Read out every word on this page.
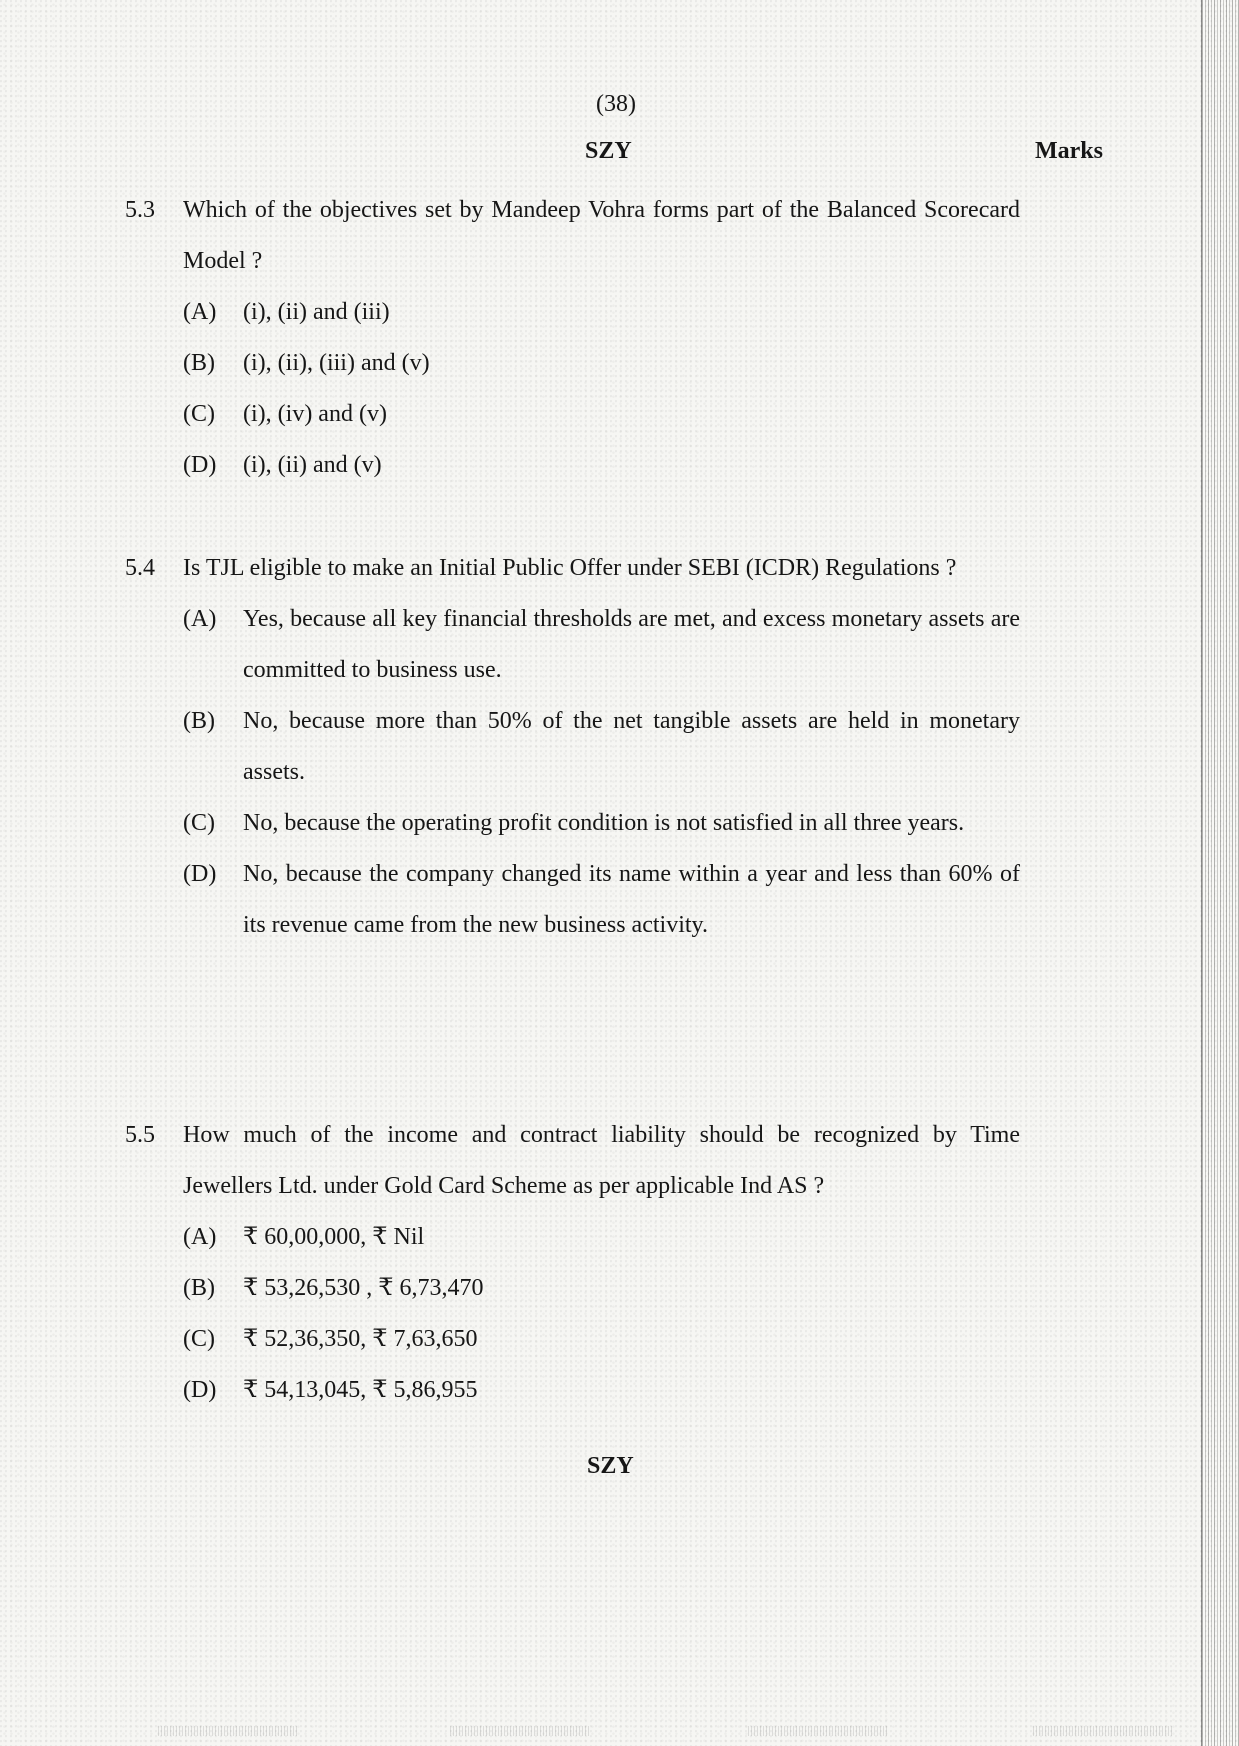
(38)
SZY	Marks
5.3	Which of the objectives set by Mandeep Vohra forms part of the Balanced Scorecard Model ?
(A)	(i), (ii) and (iii)
(B)	(i), (ii), (iii) and (v)
(C)	(i), (iv) and (v)
(D)	(i), (ii) and (v)
5.4	Is TJL eligible to make an Initial Public Offer under SEBI (ICDR) Regulations ?
(A)	Yes, because all key financial thresholds are met, and excess monetary assets are committed to business use.
(B)	No, because more than 50% of the net tangible assets are held in monetary assets.
(C)	No, because the operating profit condition is not satisfied in all three years.
(D)	No, because the company changed its name within a year and less than 60% of its revenue came from the new business activity.
5.5	How much of the income and contract liability should be recognized by Time Jewellers Ltd. under Gold Card Scheme as per applicable Ind AS ?
(A)	₹ 60,00,000, ₹ Nil
(B)	₹ 53,26,530 , ₹ 6,73,470
(C)	₹ 52,36,350, ₹ 7,63,650
(D)	₹ 54,13,045, ₹ 5,86,955
SZY
